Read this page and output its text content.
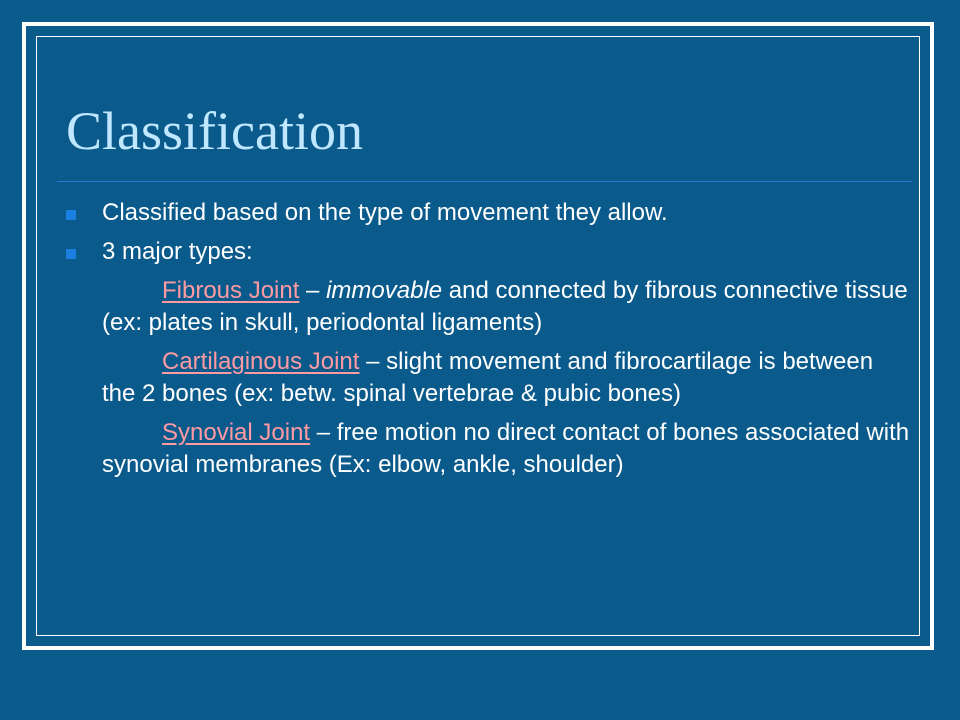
Classification

Classified based on the type of movement they allow.

3 major types:

Fibrous Joint – immovable and connected by fibrous connective tissue (ex: plates in skull, periodontal ligaments)

Cartilaginous Joint – slight movement and fibrocartilage is between the 2 bones (ex: betw. spinal vertebrae & pubic bones)

Synovial Joint – free motion no direct contact of bones associated with synovial membranes (Ex: elbow, ankle, shoulder)
